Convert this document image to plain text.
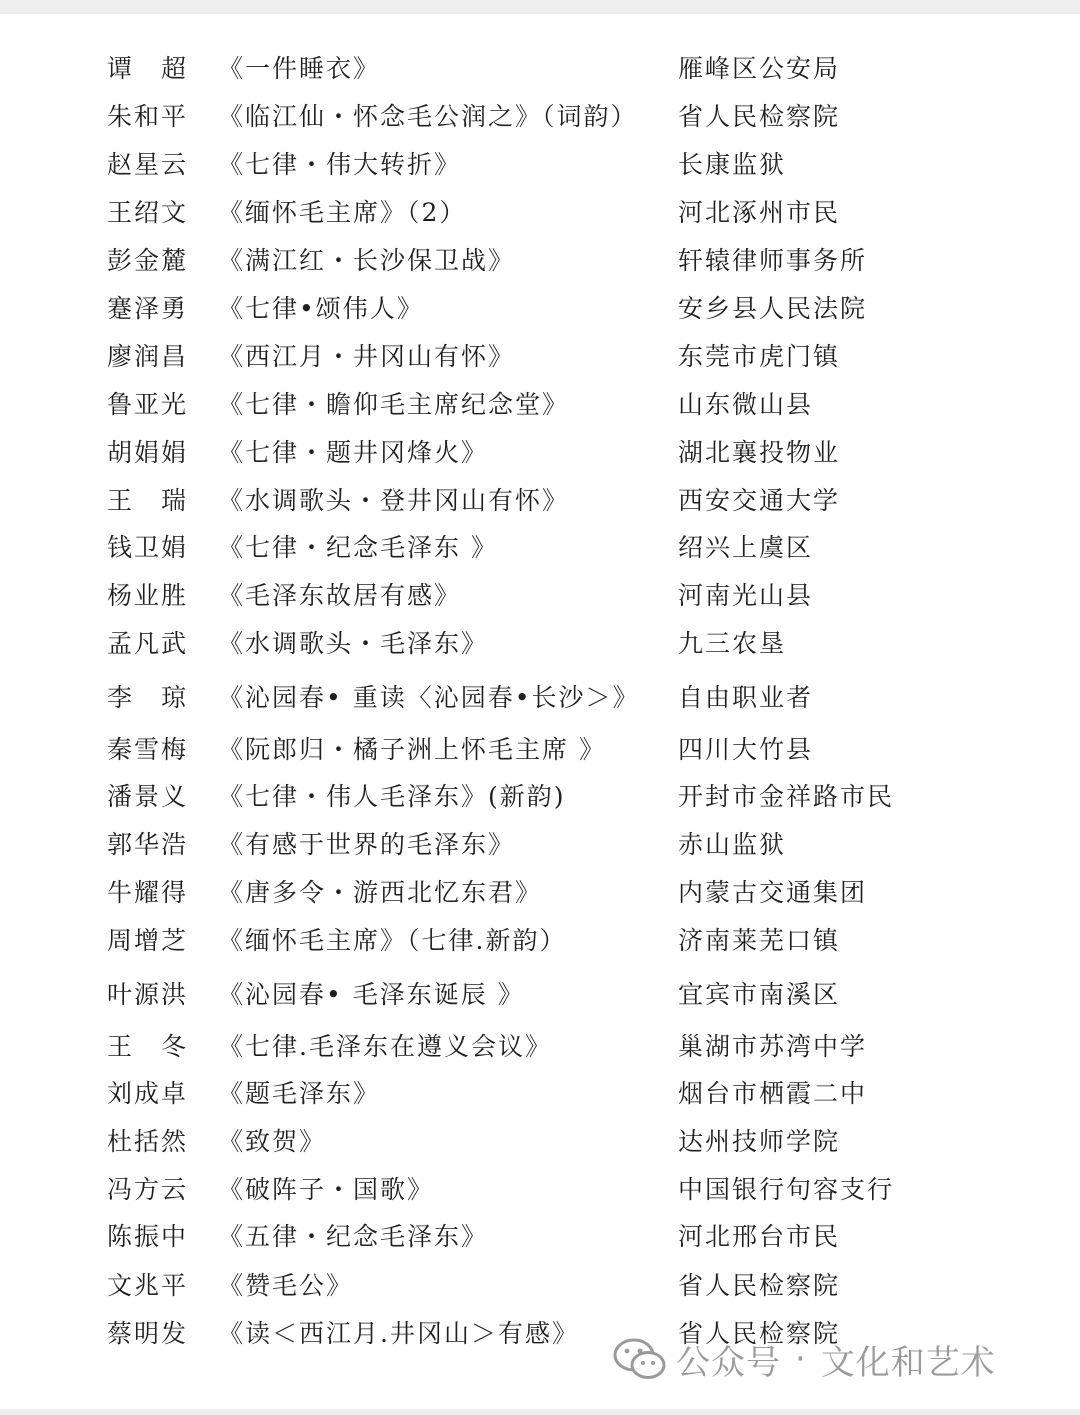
谭　超 《一件睡衣》	雁峰区公安局
朱和平 《临江仙・怀念毛公润之》（词韵） 省人民检察院
赵星云 《七律・伟大转折》	长康监狱
王绍文 《缅怀毛主席》（2）	河北涿州市民
彭金麓 《满江红・长沙保卫战》	轩辕律师事务所
蹇泽勇 《七律•颂伟人》	安乡县人民法院
廖润昌 《西江月・井冈山有怀》	东莞市虎门镇
鲁亚光 《七律・瞻仰毛主席纪念堂》	山东微山县
胡娟娟 《七律・题井冈烽火》	湖北襄投物业
王　瑞 《水调歌头・登井冈山有怀》	西安交通大学
钱卫娟 《七律・纪念毛泽东 》	绍兴上虞区
杨业胜 《毛泽东故居有感》	河南光山县
孟凡武 《水调歌头・毛泽东》	九三农垦
李　琼 《沁园春• 重读〈沁园春•长沙＞》 自由职业者
秦雪梅 《阮郎归・橘子洲上怀毛主席 》	四川大竹县
潘景义 《七律・伟人毛泽东》(新韵)	开封市金祥路市民
郭华浩 《有感于世界的毛泽东》	赤山监狱
牛耀得 《唐多令・游西北忆东君》	内蒙古交通集团
周增芝 《缅怀毛主席》（七律.新韵）	济南莱芜口镇
叶源洪 《沁园春• 毛泽东诞辰 》	宜宾市南溪区
王　冬 《七律.毛泽东在遵义会议》	巢湖市苏湾中学
刘成卓 《题毛泽东》	烟台市栖霞二中
杜括然 《致贺》	达州技师学院
冯方云 《破阵子・国歌》	中国银行句容支行
陈振中 《五律・纪念毛泽东》	河北邢台市民
文兆平 《赞毛公》	省人民检察院
蔡明发 《读＜西江月.井冈山＞有感》	省人民检察院
公众号 · 文化和艺术
